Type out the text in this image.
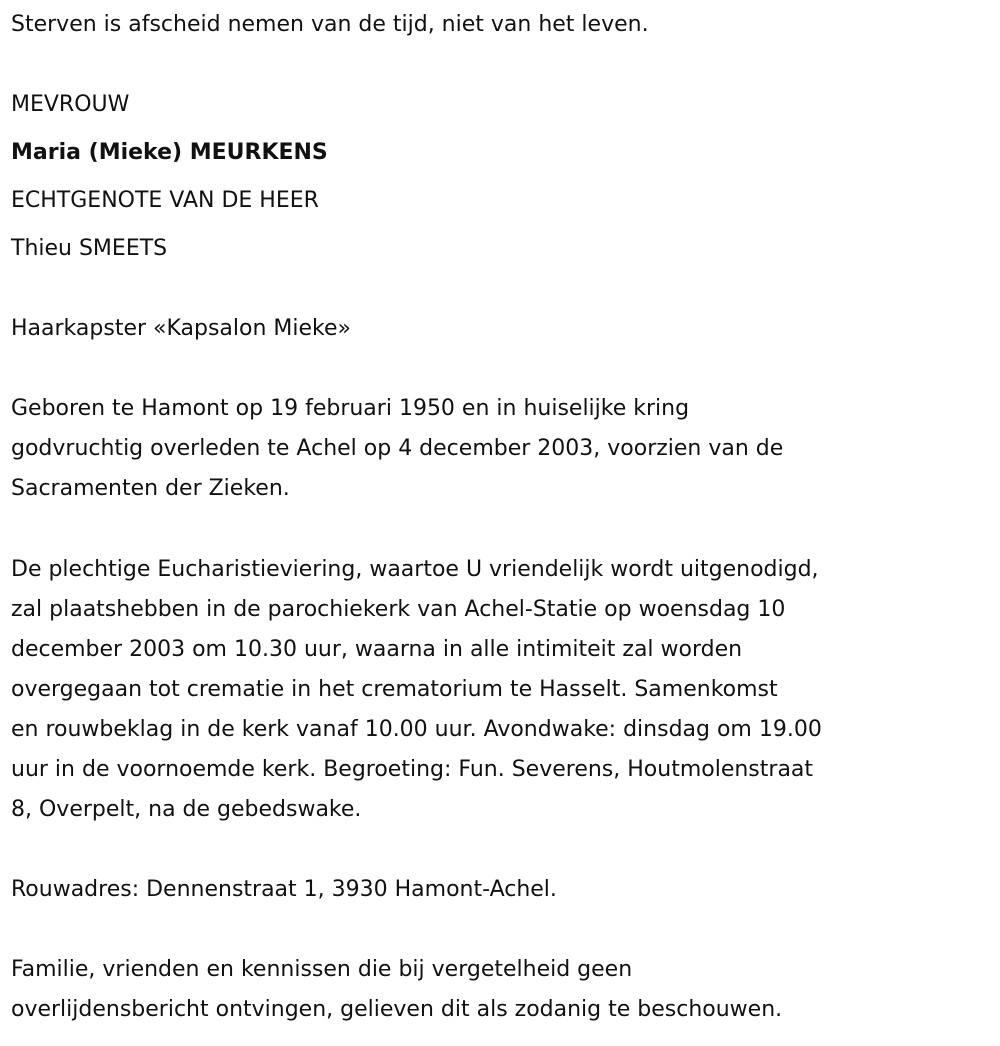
Sterven is afscheid nemen van de tijd, niet van het leven.
MEVROUW
Maria (Mieke) MEURKENS
ECHTGENOTE VAN DE HEER
Thieu SMEETS
Haarkapster «Kapsalon Mieke»
Geboren te Hamont op 19 februari 1950 en in huiselijke kring
godvruchtig overleden te Achel op 4 december 2003, voorzien van de
Sacramenten der Zieken.
De plechtige Eucharistieviering, waartoe U vriendelijk wordt uitgenodigd,
zal plaatshebben in de parochiekerk van Achel-Statie op woensdag 10
december 2003 om 10.30 uur, waarna in alle intimiteit zal worden
overgegaan tot crematie in het crematorium te Hasselt. Samenkomst
en rouwbeklag in de kerk vanaf 10.00 uur. Avondwake: dinsdag om 19.00
uur in de voornoemde kerk. Begroeting: Fun. Severens, Houtmolenstraat
8, Overpelt, na de gebedswake.
Rouwadres: Dennenstraat 1, 3930 Hamont-Achel.
Familie, vrienden en kennissen die bij vergetelheid geen
overlijdensbericht ontvingen, gelieven dit als zodanig te beschouwen.
